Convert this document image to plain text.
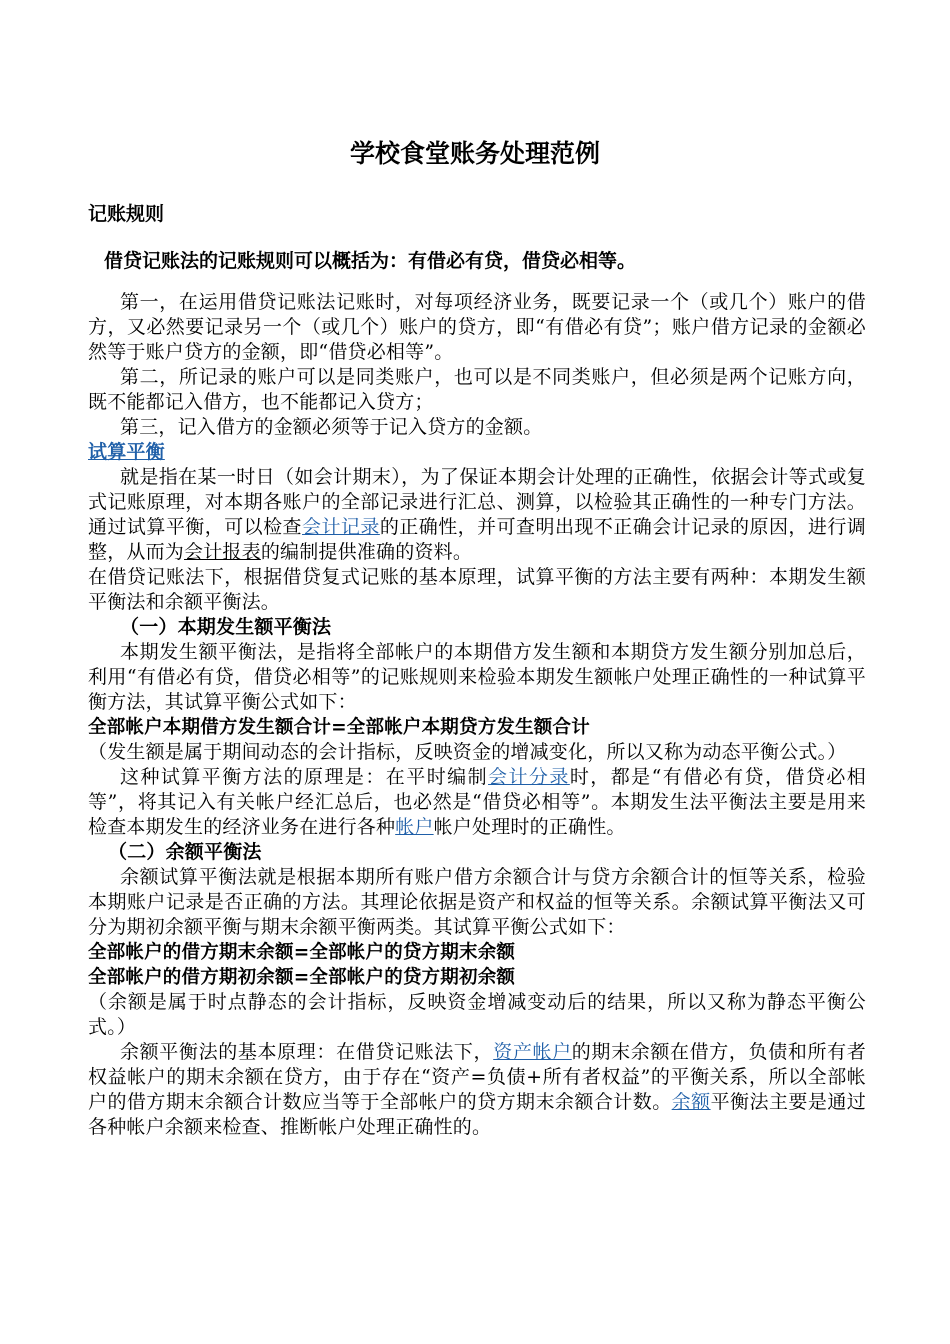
学校食堂账务处理范例
记账规则
借贷记账法的记账规则可以概括为：有借必有贷，借贷必相等。

第一，在运用借贷记账法记账时，对每项经济业务，既要记录一个（或几个）账户的借方，又必然要记录另一个（或几个）账户的贷方，即“有借必有贷”；账户借方记录的金额必然等于账户贷方的金额，即“借贷必相等”。

第二，所记录的账户可以是同类账户，也可以是不同类账户，但必须是两个记账方向，既不能都记入借方，也不能都记入贷方；

第三，记入借方的金额必须等于记入贷方的金额。

试算平衡

就是指在某一时日（如会计期末），为了保证本期会计处理的正确性，依据会计等式或复式记账原理，对本期各账户的全部记录进行汇总、测算，以检验其正确性的一种专门方法。通过试算平衡，可以检查会计记录的正确性，并可查明出现不正确会计记录的原因，进行调整，从而为会计报表的编制提供准确的资料。

在借贷记账法下，根据借贷复式记账的基本原理，试算平衡的方法主要有两种：本期发生额平衡法和余额平衡法。

（一）本期发生额平衡法

本期发生额平衡法，是指将全部帐户的本期借方发生额和本期贷方发生额分别加总后，利用“有借必有贷，借贷必相等”的记账规则来检验本期发生额帐户处理正确性的一种试算平衡方法，其试算平衡公式如下：

全部帐户本期借方发生额合计=全部帐户本期贷方发生额合计

（发生额是属于期间动态的会计指标，反映资金的增减变化，所以又称为动态平衡公式。）

这种试算平衡方法的原理是：在平时编制会计分录时，都是“有借必有贷，借贷必相等”，将其记入有关帐户经汇总后，也必然是“借贷必相等”。本期发生法平衡法主要是用来检查本期发生的经济业务在进行各种帐户帐户处理时的正确性。

（二）余额平衡法

余额试算平衡法就是根据本期所有账户借方余额合计与贷方余额合计的恒等关系，检验本期账户记录是否正确的方法。其理论依据是资产和权益的恒等关系。余额试算平衡法又可分为期初余额平衡与期末余额平衡两类。其试算平衡公式如下：

全部帐户的借方期末余额=全部帐户的贷方期末余额

全部帐户的借方期初余额=全部帐户的贷方期初余额

（余额是属于时点静态的会计指标，反映资金增减变动后的结果，所以又称为静态平衡公式。）

余额平衡法的基本原理：在借贷记账法下，资产帐户的期末余额在借方，负债和所有者权益帐户的期末余额在贷方，由于存在“资产=负债+所有者权益”的平衡关系，所以全部帐户的借方期末余额合计数应当等于全部帐户的贷方期末余额合计数。余额平衡法主要是通过各种帐户余额来检查、推断帐户处理正确性的。
